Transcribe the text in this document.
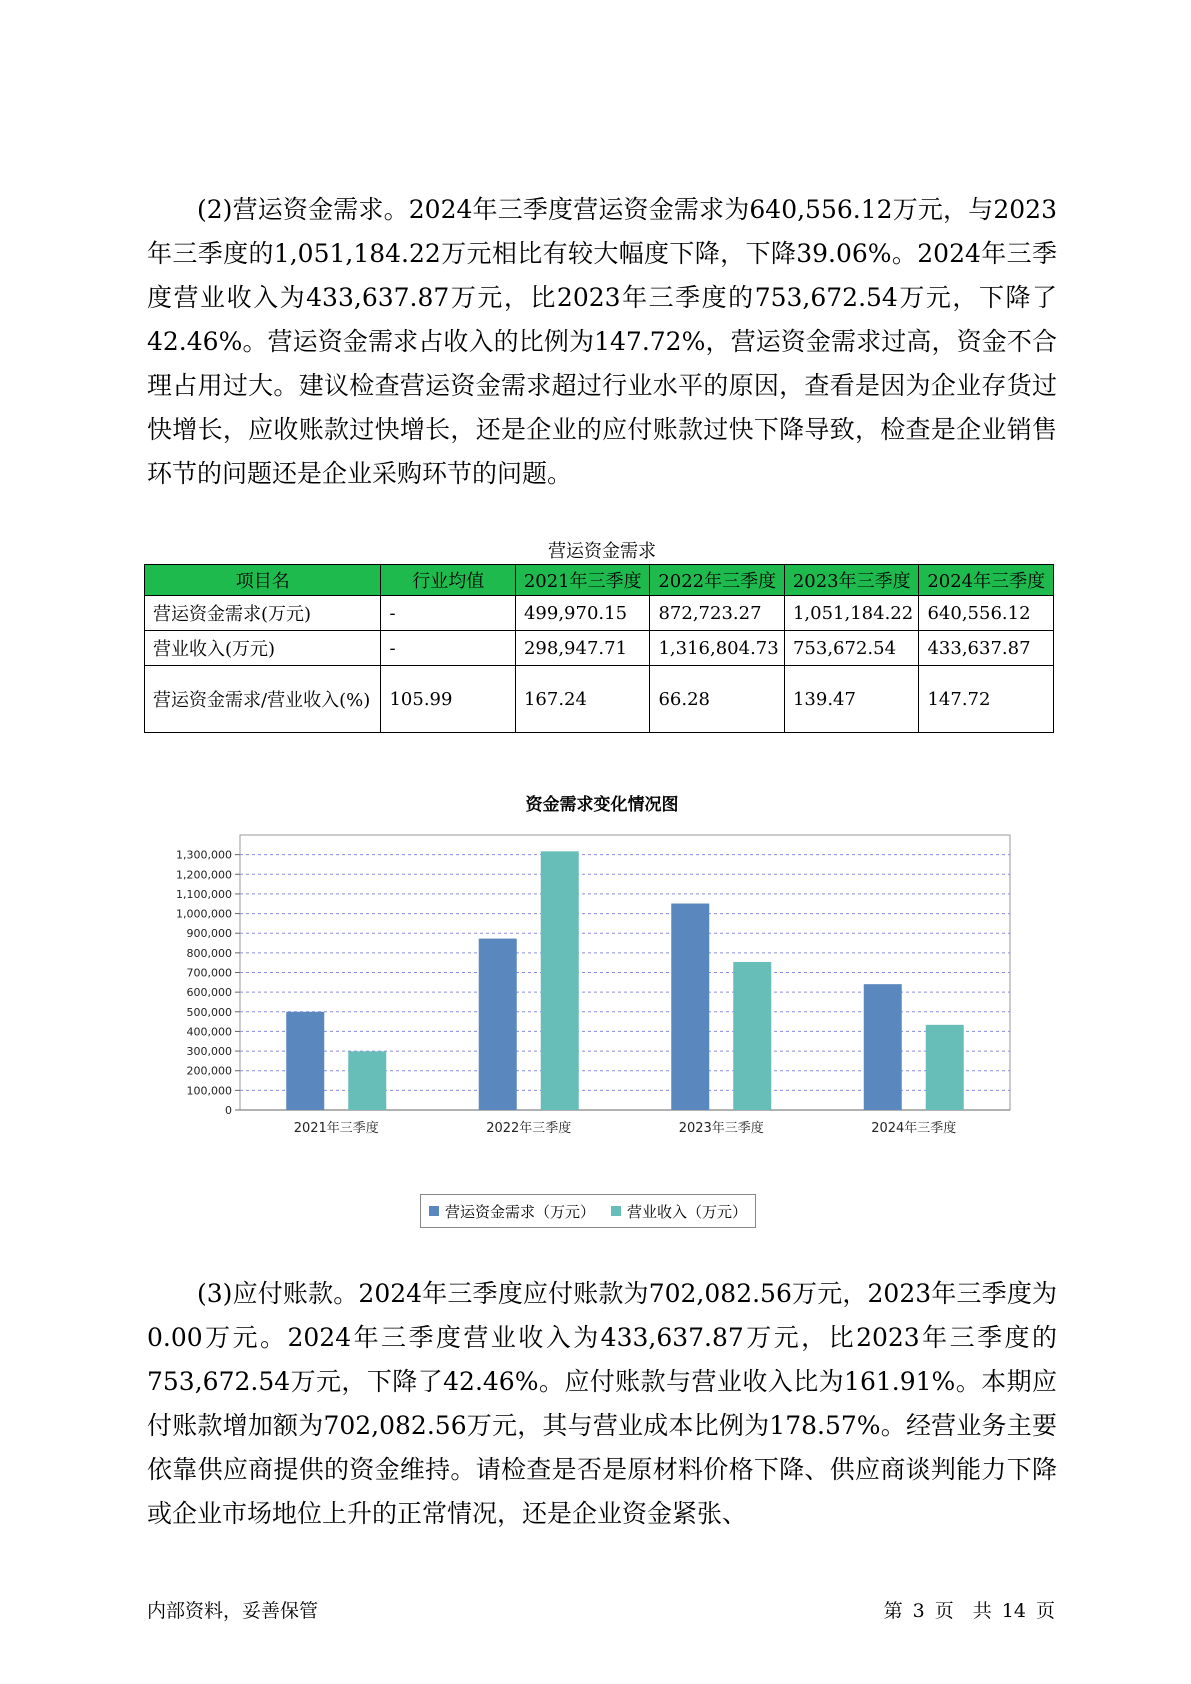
(2)营运资金需求。2024年三季度营运资金需求为640,556.12万元，与2023年三季度的1,051,184.22万元相比有较大幅度下降，下降39.06%。2024年三季度营业收入为433,637.87万元，比2023年三季度的753,672.54万元，下降了42.46%。营运资金需求占收入的比例为147.72%，营运资金需求过高，资金不合理占用过大。建议检查营运资金需求超过行业水平的原因，查看是因为企业存货过快增长，应收账款过快增长，还是企业的应付账款过快下降导致，检查是企业销售环节的问题还是企业采购环节的问题。

营运资金需求
项目名	行业均值	2021年三季度	2022年三季度	2023年三季度	2024年三季度
营运资金需求(万元)	-	499,970.15	872,723.27	1,051,184.22	640,556.12
营业收入(万元)	-	298,947.71	1,316,804.73	753,672.54	433,637.87
营运资金需求/营业收入(%)	105.99	167.24	66.28	139.47	147.72
资金需求变化情况图
0
100,000
200,000
300,000
400,000
500,000
600,000
700,000
800,000
900,000
1,000,000
1,100,000
1,200,000
1,300,000
2021年三季度	2022年三季度	2023年三季度	2024年三季度
营运资金需求（万元） 营业收入（万元）

(3)应付账款。2024年三季度应付账款为702,082.56万元，2023年三季度为0.00万元。2024年三季度营业收入为433,637.87万元，比2023年三季度的753,672.54万元，下降了42.46%。应付账款与营业收入比为161.91%。本期应付账款增加额为702,082.56万元，其与营业成本比例为178.57%。经营业务主要依靠供应商提供的资金维持。请检查是否是原材料价格下降、供应商谈判能力下降或企业市场地位上升的正常情况，还是企业资金紧张、

内部资料，妥善保管	第 3 页　共 14 页
